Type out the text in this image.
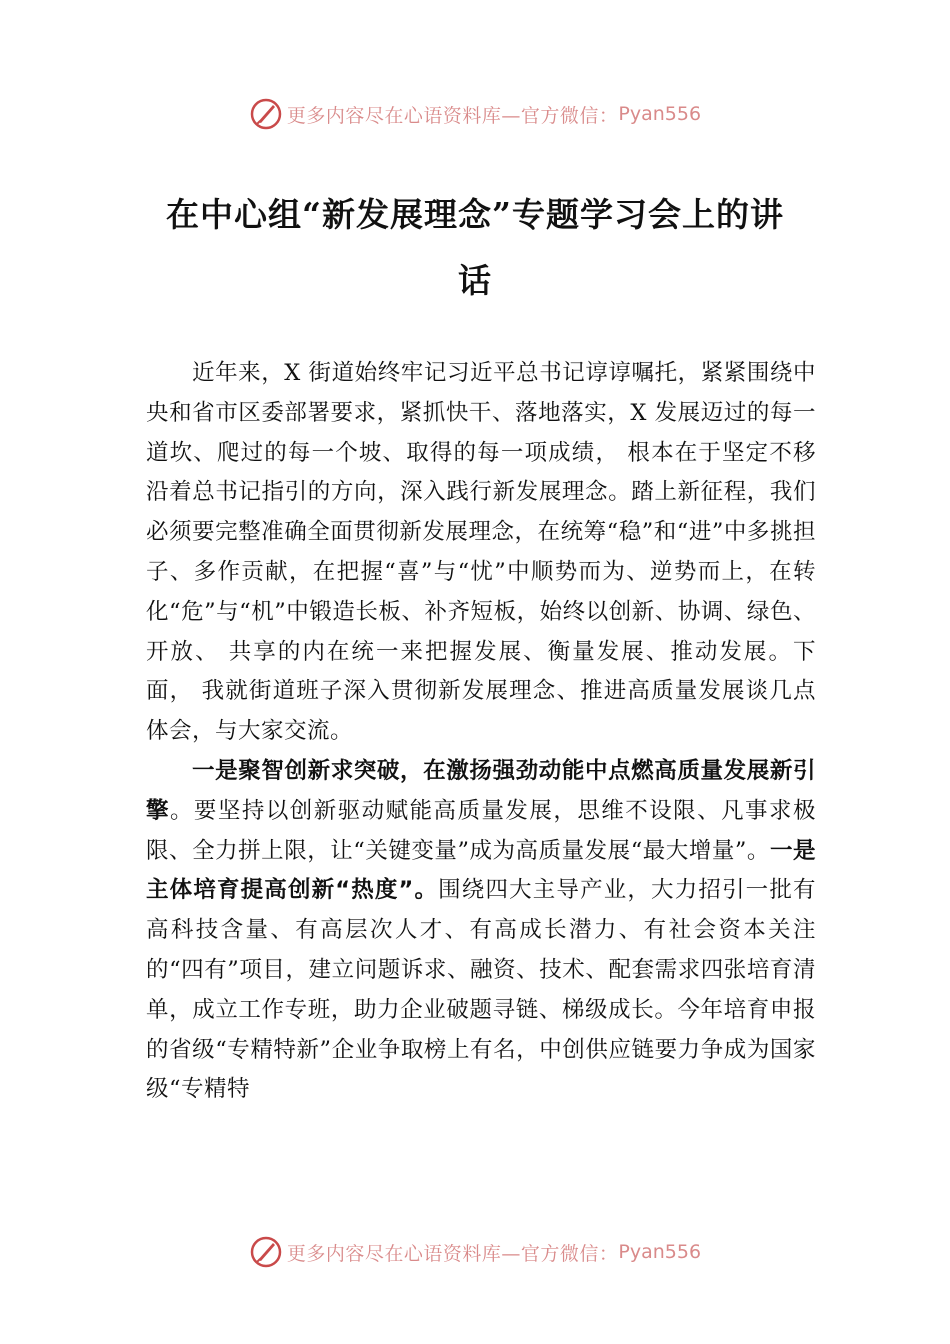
更多内容尽在心语资料库—官方微信： Pyan556
在中心组“新发展理念”专题学习会上的讲
话

近年来，X 街道始终牢记习近平总书记谆谆嘱托，紧紧围绕中央和省市区委部署要求，紧抓快干、落地落实，X 发展迈过的每一道坎、爬过的每一个坡、取得的每一项成绩， 根本在于坚定不移沿着总书记指引的方向，深入践行新发展理念。踏上新征程，我们必须要完整准确全面贯彻新发展理念，在统筹“稳”和“进”中多挑担子、多作贡献，在把握“喜”与“忧”中顺势而为、逆势而上，在转化“危”与“机”中锻造长板、补齐短板，始终以创新、协调、绿色、开放、 共享的内在统一来把握发展、衡量发展、推动发展。下面， 我就街道班子深入贯彻新发展理念、推进高质量发展谈几点体会，与大家交流。

一是聚智创新求突破，在激扬强劲动能中点燃高质量发展新引擎。要坚持以创新驱动赋能高质量发展，思维不设限、凡事求极限、全力拼上限，让“关键变量”成为高质量发展“最大增量”。一是主体培育提高创新“热度”。围绕四大主导产业，大力招引一批有高科技含量、有高层次人才、有高成长潜力、有社会资本关注的“四有”项目，建立问题诉求、融资、技术、配套需求四张培育清单，成立工作专班，助力企业破题寻链、梯级成长。今年培育申报的省级“专精特新”企业争取榜上有名，中创供应链要力争成为国家级“专精特

更多内容尽在心语资料库—官方微信： Pyan556
